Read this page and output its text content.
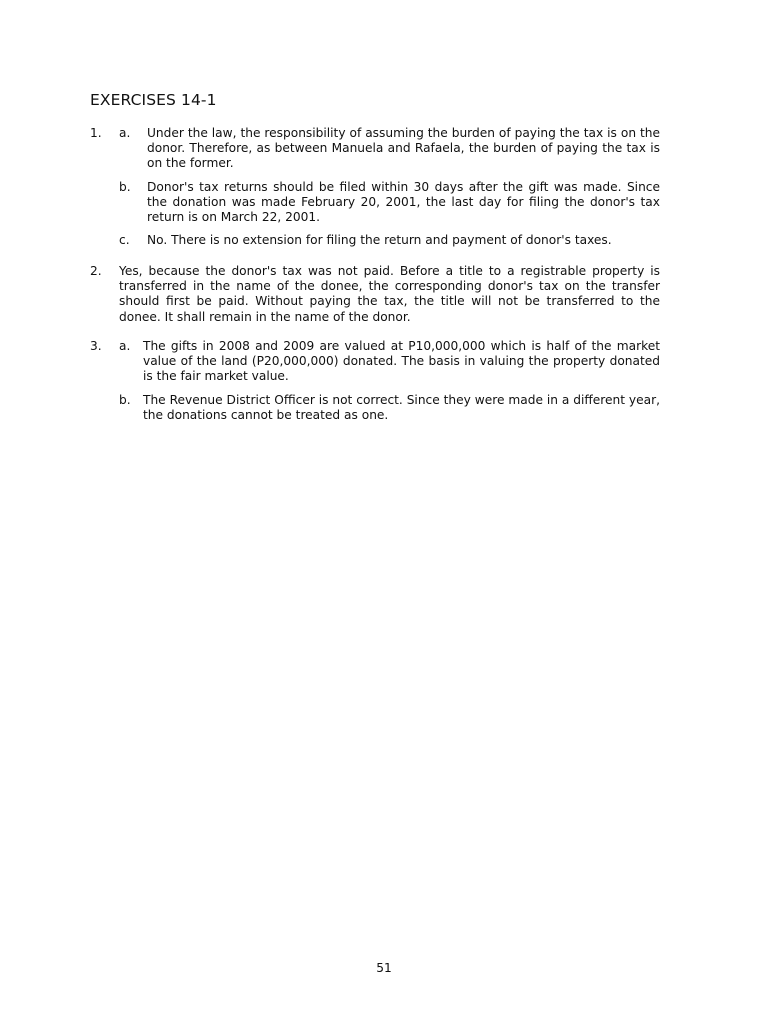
EXERCISES 14-1
1. a. Under the law, the responsibility of assuming the burden of paying the tax is on the donor. Therefore, as between Manuela and Rafaela, the burden of paying the tax is on the former.
b. Donor's tax returns should be filed within 30 days after the gift was made. Since the donation was made February 20, 2001, the last day for filing the donor's tax return is on March 22, 2001.
c. No. There is no extension for filing the return and payment of donor's taxes.
2.	Yes, because the donor's tax was not paid. Before a title to a registrable property is transferred in the name of the donee, the corresponding donor's tax on the transfer should first be paid. Without paying the tax, the title will not be transferred to the donee. It shall remain in the name of the donor.
3. a. The gifts in 2008 and 2009 are valued at P10,000,000 which is half of the market value of the land (P20,000,000) donated. The basis in valuing the property donated is the fair market value.
b. The Revenue District Officer is not correct. Since they were made in a different year, the donations cannot be treated as one.
51
